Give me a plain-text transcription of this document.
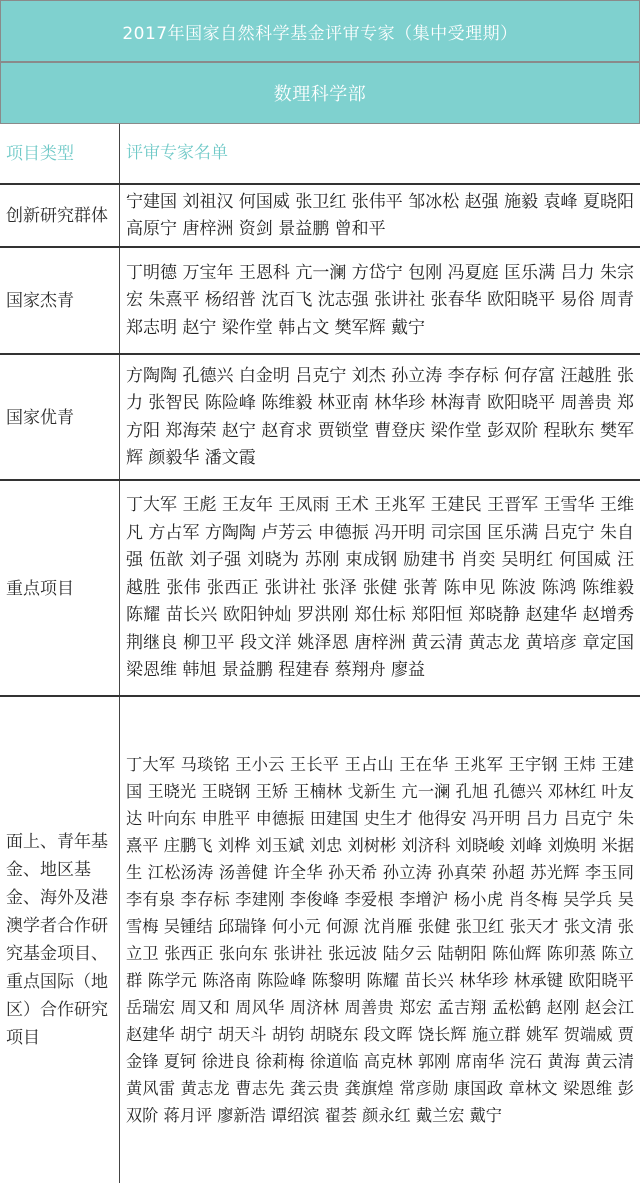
2017年国家自然科学基金评审专家（集中受理期）
数理科学部
项目类型	评审专家名单
创新研究群体
宁建国 刘祖汉 何国威 张卫红 张伟平 邹冰松 赵强 施毅 袁峰 夏晓阳 高原宁 唐梓洲 资剑 景益鹏 曾和平
国家杰青
丁明德 万宝年 王恩科 亢一澜 方岱宁 包刚 冯夏庭 匡乐满 吕力 朱宗宏 朱熹平 杨绍普 沈百飞 沈志强 张讲社 张春华 欧阳晓平 易俗 周青 郑志明 赵宁 梁作堂 韩占文 樊军辉 戴宁
国家优青
方陶陶 孔德兴 白金明 吕克宁 刘杰 孙立涛 李存标 何存富 汪越胜 张力 张智民 陈险峰 陈维毅 林亚南 林华珍 林海青 欧阳晓平 周善贵 郑方阳 郑海荣 赵宁 赵育求 贾锁堂 曹登庆 梁作堂 彭双阶 程耿东 樊军辉 颜毅华 潘文霞
重点项目
丁大军 王彪 王友年 王凤雨 王术 王兆军 王建民 王晋军 王雪华 王维凡 方占军 方陶陶 卢芳云 申德振 冯开明 司宗国 匡乐满 吕克宁 朱自强 伍歆 刘子强 刘晓为 苏刚 束成钢 励建书 肖奕 吴明红 何国威 汪越胜 张伟 张西正 张讲社 张泽 张健 张菁 陈申见 陈波 陈鸿 陈维毅 陈耀 苗长兴 欧阳钟灿 罗洪刚 郑仕标 郑阳恒 郑晓静 赵建华 赵增秀 荆继良 柳卫平 段文洋 姚泽恩 唐梓洲 黄云清 黄志龙 黄培彦 章定国 梁恩维 韩旭 景益鹏 程建春 蔡翔舟 廖益
面上、青年基金、地区基金、海外及港澳学者合作研究基金项目、重点国际（地区）合作研究项目
丁大军 马琰铭 王小云 王长平 王占山 王在华 王兆军 王宇钢 王炜 王建国 王晓光 王晓钢 王矫 王楠林 戈新生 亢一澜 孔旭 孔德兴 邓林红 叶友达 叶向东 申胜平 申德振 田建国 史生才 他得安 冯开明 吕力 吕克宁 朱熹平 庄鹏飞 刘桦 刘玉斌 刘忠 刘树彬 刘济科 刘晓峻 刘峰 刘焕明 米据生 江松汤涛 汤善健 许全华 孙天希 孙立涛 孙真荣 孙超 苏光辉 李玉同 李有泉 李存标 李建刚 李俊峰 李爱根 李增沪 杨小虎 肖冬梅 吴学兵 吴雪梅 吴锺结 邱瑞锋 何小元 何源 沈肖雁 张健 张卫红 张天才 张文清 张立卫 张西正 张向东 张讲社 张远波 陆夕云 陆朝阳 陈仙辉 陈卯蒸 陈立群 陈学元 陈洛南 陈险峰 陈黎明 陈耀 苗长兴 林华珍 林承键 欧阳晓平 岳瑞宏 周又和 周风华 周济林 周善贵 郑宏 孟吉翔 孟松鹤 赵刚 赵会江 赵建华 胡宁 胡天斗 胡钧 胡晓东 段文晖 饶长辉 施立群 姚军 贺端威 贾金锋 夏钶 徐进良 徐莉梅 徐道临 高克林 郭刚 席南华 浣石 黄海 黄云清 黄风雷 黄志龙 曹志先 龚云贵 龚旗煌 常彦勋 康国政 章林文 梁恩维 彭双阶 蒋月评 廖新浩 谭绍滨 翟荟 颜永红 戴兰宏 戴宁
